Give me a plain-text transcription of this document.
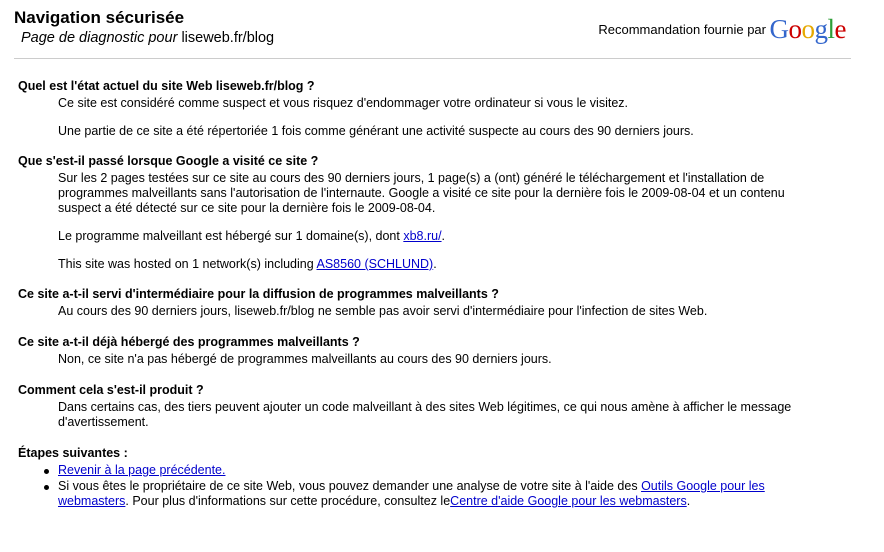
Navigation sécurisée
Page de diagnostic pour liseweb.fr/blog
Recommandation fournie par Google

Quel est l'état actuel du site Web liseweb.fr/blog ?

Ce site est considéré comme suspect et vous risquez d'endommager votre ordinateur si vous le visitez.

Une partie de ce site a été répertoriée 1 fois comme générant une activité suspecte au cours des 90 derniers jours.

Que s'est-il passé lorsque Google a visité ce site ?

Sur les 2 pages testées sur ce site au cours des 90 derniers jours, 1 page(s) a (ont) généré le téléchargement et l'installation de programmes malveillants sans l'autorisation de l'internaute. Google a visité ce site pour la dernière fois le 2009-08-04 et un contenu suspect a été détecté sur ce site pour la dernière fois le 2009-08-04.

Le programme malveillant est hébergé sur 1 domaine(s), dont xb8.ru/.

This site was hosted on 1 network(s) including AS8560 (SCHLUND).

Ce site a-t-il servi d'intermédiaire pour la diffusion de programmes malveillants ?

Au cours des 90 derniers jours, liseweb.fr/blog ne semble pas avoir servi d'intermédiaire pour l'infection de sites Web.

Ce site a-t-il déjà hébergé des programmes malveillants ?

Non, ce site n'a pas hébergé de programmes malveillants au cours des 90 derniers jours.

Comment cela s'est-il produit ?

Dans certains cas, des tiers peuvent ajouter un code malveillant à des sites Web légitimes, ce qui nous amène à afficher le message d'avertissement.

Étapes suivantes :

Revenir à la page précédente.
Si vous êtes le propriétaire de ce site Web, vous pouvez demander une analyse de votre site à l'aide des Outils Google pour les webmasters. Pour plus d'informations sur cette procédure, consultez leCentre d'aide Google pour les webmasters.
